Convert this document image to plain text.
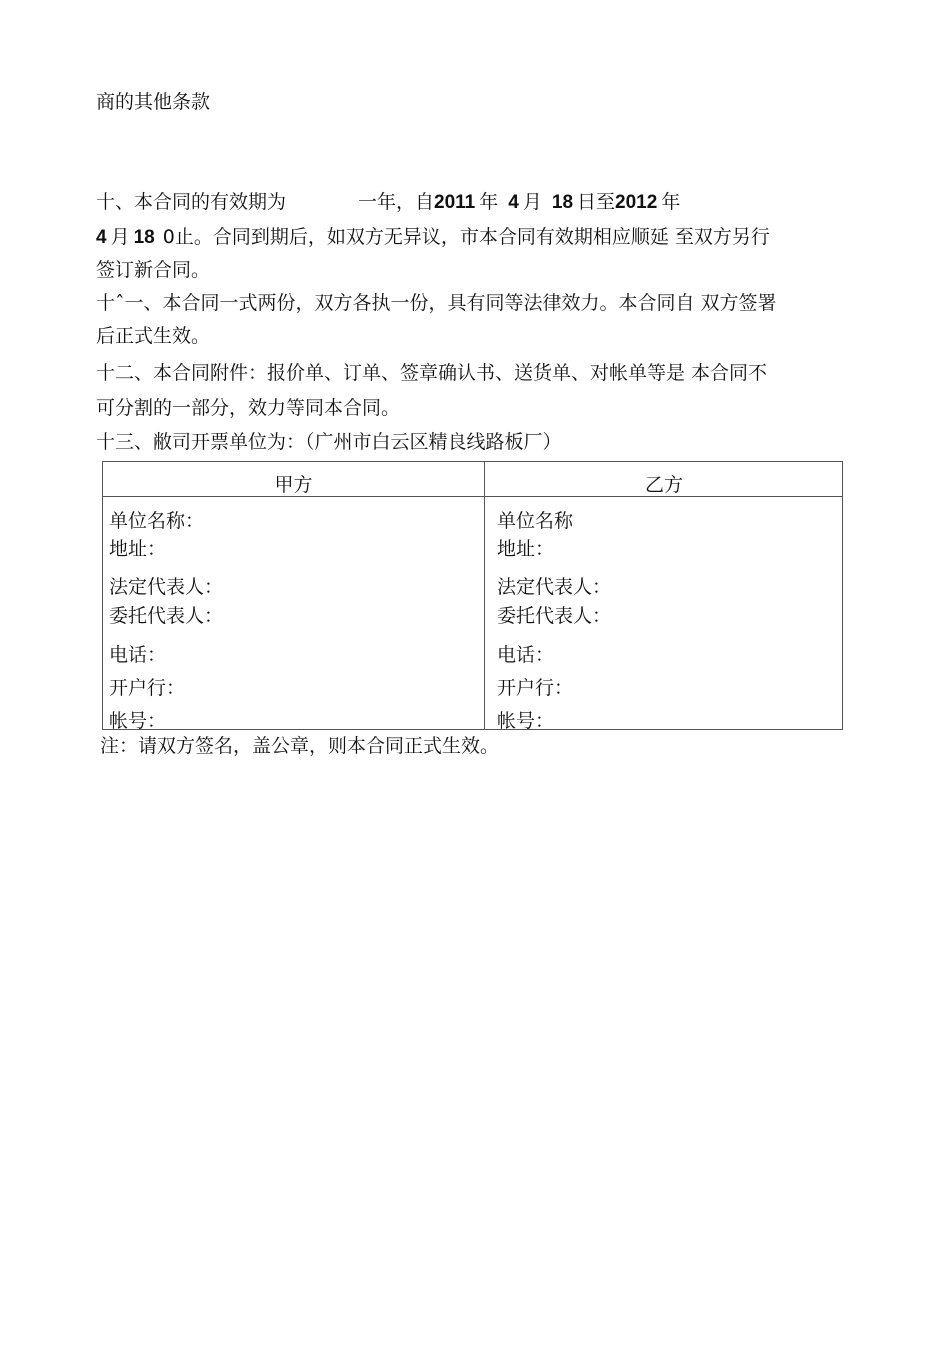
商的其他条款
十、本合同的有效期为	一年，自2011 年 4 月 18 日至2012 年
4 月 18 0止。合同到期后，如双方无异议，市本合同有效期相应顺延 至双方另行
签订新合同。
十ˆ一、本合同一式两份，双方各执一份，具有同等法律效力。本合同自 双方签署
后正式生效。
十二、本合同附件：报价单、订单、签章确认书、送货单、对帐单等是 本合同不
可分割的一部分，效力等同本合同。
十三、敝司开票单位为：（广州市白云区精良线路板厂）
甲方	乙方
单位名称：
地址：
法定代表人：
委托代表人：
电话：
开户行：
帐号：
单位名称
地址：
法定代表人：
委托代表人：
电话：
开户行：
帐号：
注：请双方签名，盖公章，则本合同正式生效。
